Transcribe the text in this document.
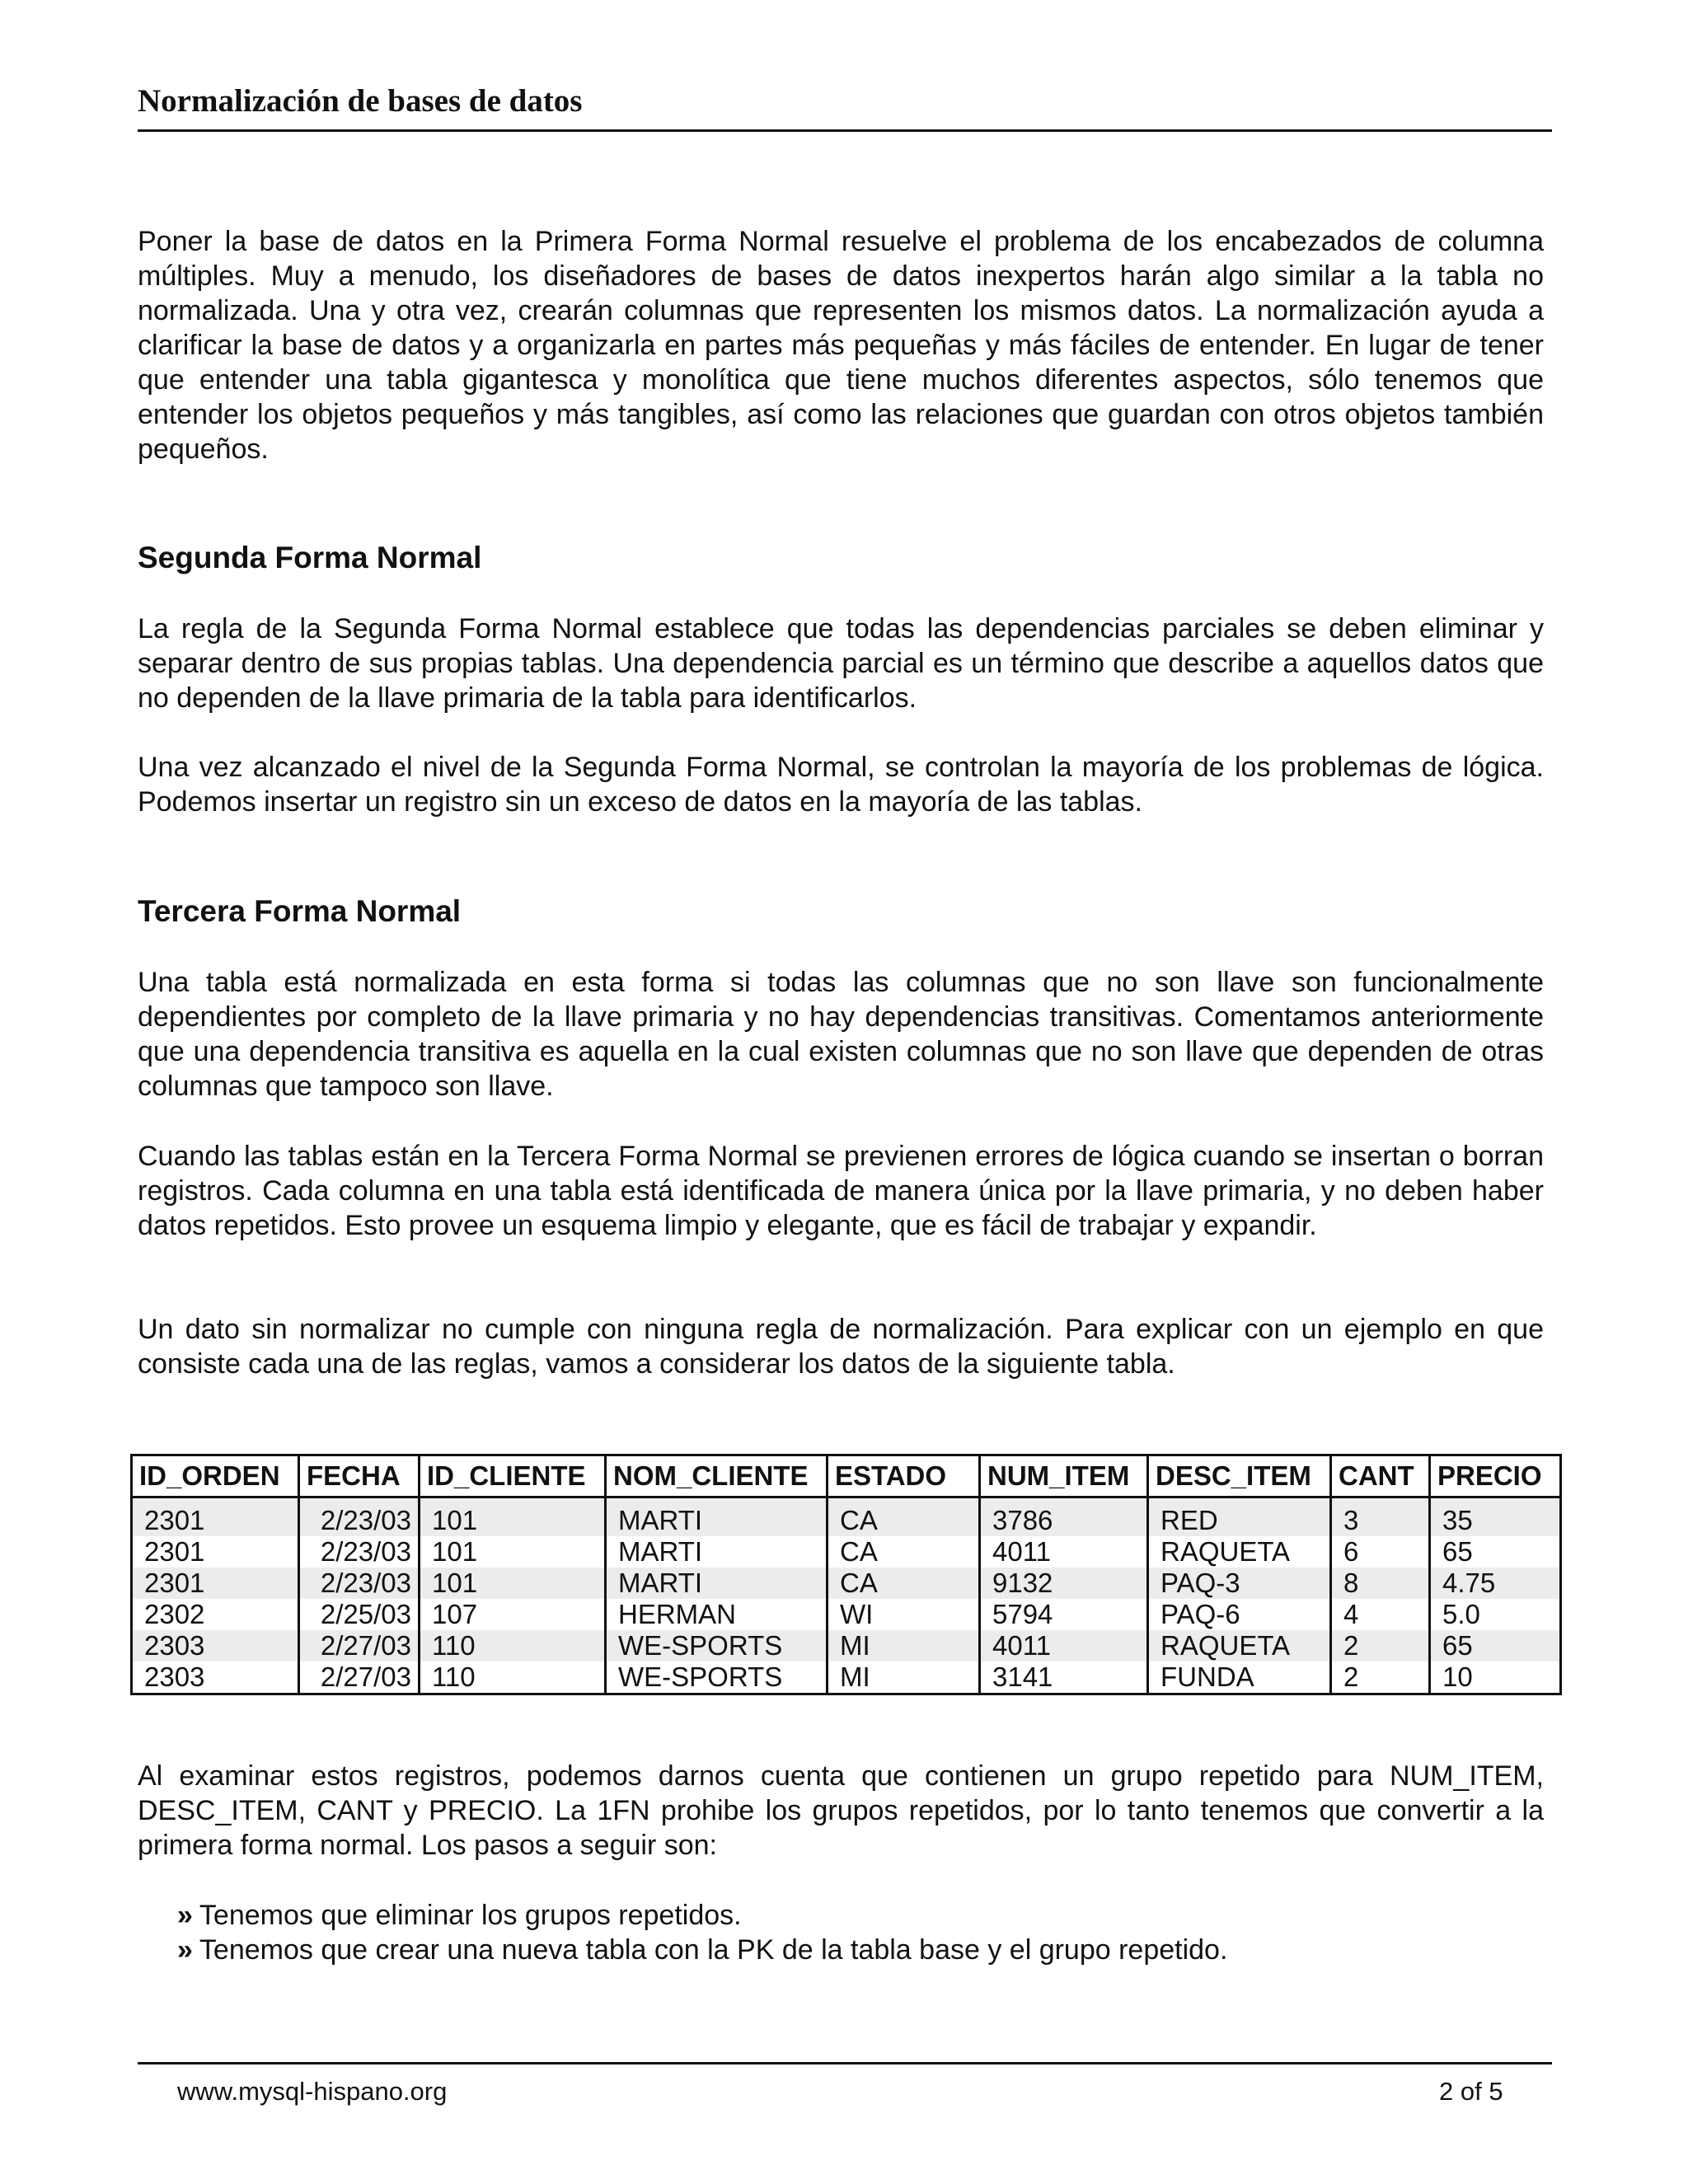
Normalización de bases de datos

Poner la base de datos en la Primera Forma Normal resuelve el problema de los encabezados de columna múltiples. Muy a menudo, los diseñadores de bases de datos inexpertos harán algo similar a la tabla no normalizada. Una y otra vez, crearán columnas que representen los mismos datos. La normalización ayuda a clarificar la base de datos y a organizarla en partes más pequeñas y más fáciles de entender. En lugar de tener que entender una tabla gigantesca y monolítica que tiene muchos diferentes aspectos, sólo tenemos que entender los objetos pequeños y más tangibles, así como las relaciones que guardan con otros objetos también pequeños.

Segunda Forma Normal

La regla de la Segunda Forma Normal establece que todas las dependencias parciales se deben eliminar y separar dentro de sus propias tablas. Una dependencia parcial es un término que describe a aquellos datos que no dependen de la llave primaria de la tabla para identificarlos.

Una vez alcanzado el nivel de la Segunda Forma Normal, se controlan la mayoría de los problemas de lógica. Podemos insertar un registro sin un exceso de datos en la mayoría de las tablas.

Tercera Forma Normal

Una tabla está normalizada en esta forma si todas las columnas que no son llave son funcionalmente dependientes por completo de la llave primaria y no hay dependencias transitivas. Comentamos anteriormente que una dependencia transitiva es aquella en la cual existen columnas que no son llave que dependen de otras columnas que tampoco son llave.

Cuando las tablas están en la Tercera Forma Normal se previenen errores de lógica cuando se insertan o borran registros. Cada columna en una tabla está identificada de manera única por la llave primaria, y no deben haber datos repetidos. Esto provee un esquema limpio y elegante, que es fácil de trabajar y expandir.

Un dato sin normalizar no cumple con ninguna regla de normalización. Para explicar con un ejemplo en que consiste cada una de las reglas, vamos a considerar los datos de la siguiente tabla.

ID_ORDEN	FECHA	ID_CLIENTE	NOM_CLIENTE	ESTADO	NUM_ITEM	DESC_ITEM	CANT	PRECIO
2301	2/23/03	101	MARTI	CA	3786	RED	3	35
2301	2/23/03	101	MARTI	CA	4011	RAQUETA	6	65
2301	2/23/03	101	MARTI	CA	9132	PAQ-3	8	4.75
2302	2/25/03	107	HERMAN	WI	5794	PAQ-6	4	5.0
2303	2/27/03	110	WE-SPORTS	MI	4011	RAQUETA	2	65
2303	2/27/03	110	WE-SPORTS	MI	3141	FUNDA	2	10

Al examinar estos registros, podemos darnos cuenta que contienen un grupo repetido para NUM_ITEM, DESC_ITEM, CANT y PRECIO. La 1FN prohibe los grupos repetidos, por lo tanto tenemos que convertir a la primera forma normal. Los pasos a seguir son:

» Tenemos que eliminar los grupos repetidos.
» Tenemos que crear una nueva tabla con la PK de la tabla base y el grupo repetido.
www.mysql-hispano.org	2 of 5
